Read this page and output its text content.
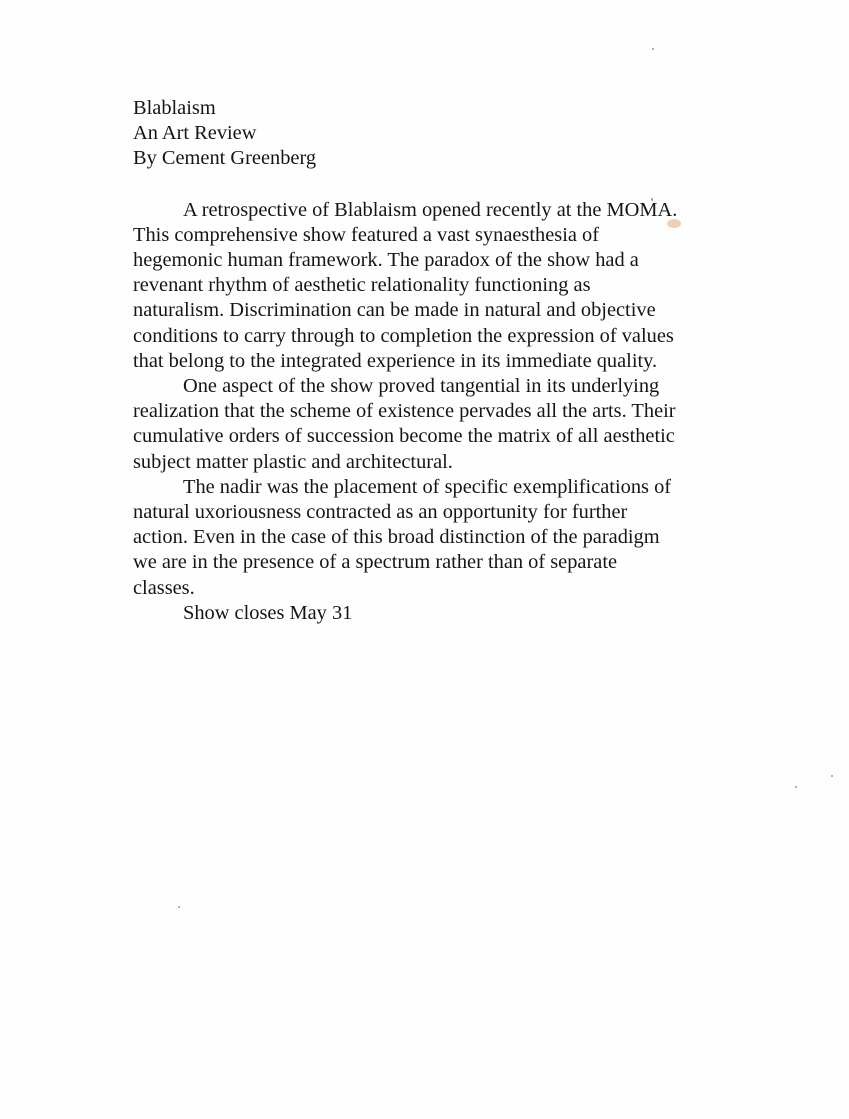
Blablaism
An Art Review
By Cement Greenberg
A retrospective of Blablaism opened recently at the MOMA.
This comprehensive show featured a vast synaesthesia of
hegemonic human framework. The paradox of the show had a
revenant rhythm of aesthetic relationality functioning as
naturalism. Discrimination can be made in natural and objective
conditions to carry through to completion the expression of values
that belong to the integrated experience in its immediate quality.
One aspect of the show proved tangential in its underlying
realization that the scheme of existence pervades all the arts. Their
cumulative orders of succession become the matrix of all aesthetic
subject matter plastic and architectural.
The nadir was the placement of specific exemplifications of
natural uxoriousness contracted as an opportunity for further
action. Even in the case of this broad distinction of the paradigm
we are in the presence of a spectrum rather than of separate
classes.
Show closes May 31
